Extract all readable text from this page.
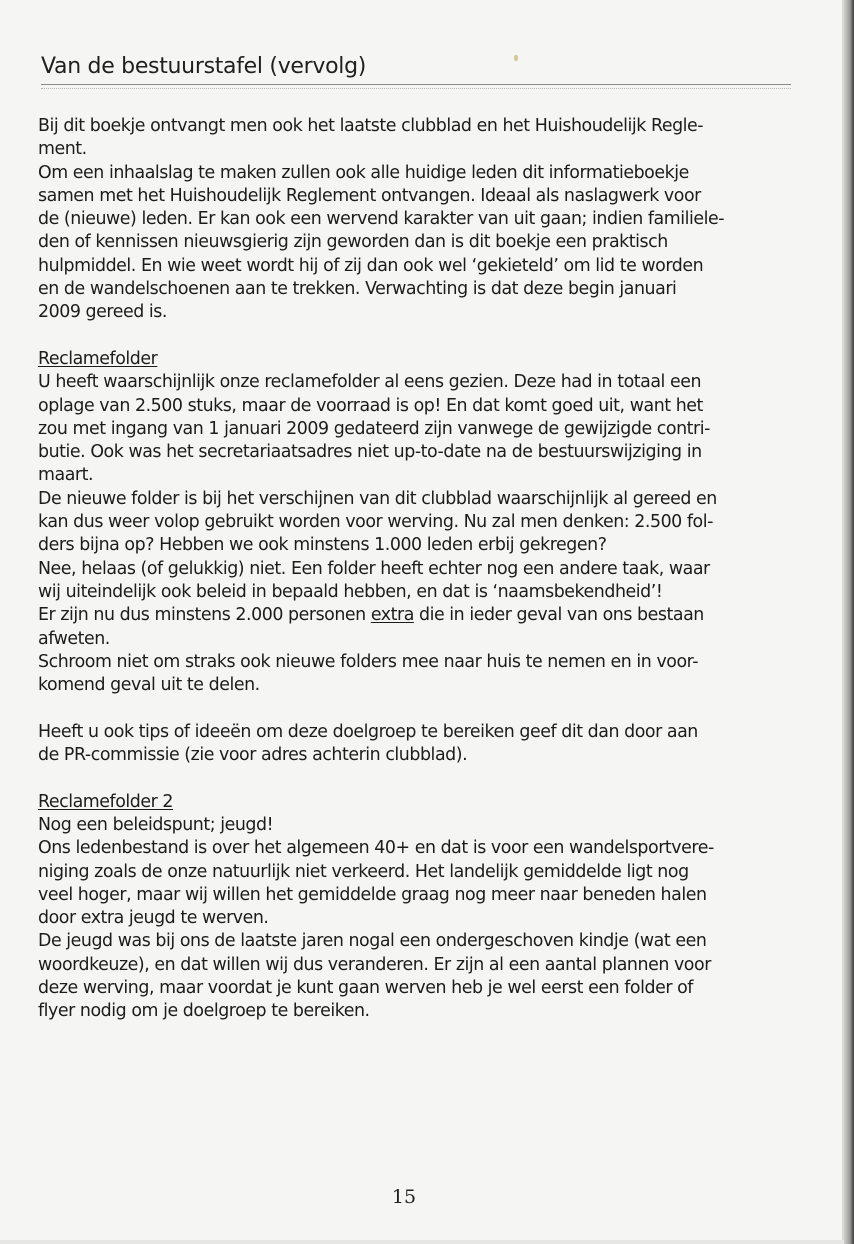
Van de bestuurstafel (vervolg)
Bij dit boekje ontvangt men ook het laatste clubblad en het Huishoudelijk Regle-
ment.
Om een inhaalslag te maken zullen ook alle huidige leden dit informatieboekje
samen met het Huishoudelijk Reglement ontvangen. Ideaal als naslagwerk voor
de (nieuwe) leden. Er kan ook een wervend karakter van uit gaan; indien familiele-
den of kennissen nieuwsgierig zijn geworden dan is dit boekje een praktisch
hulpmiddel. En wie weet wordt hij of zij dan ook wel ‘gekieteld’ om lid te worden
en de wandelschoenen aan te trekken. Verwachting is dat deze begin januari
2009 gereed is.
Reclamefolder
U heeft waarschijnlijk onze reclamefolder al eens gezien. Deze had in totaal een
oplage van 2.500 stuks, maar de voorraad is op! En dat komt goed uit, want het
zou met ingang van 1 januari 2009 gedateerd zijn vanwege de gewijzigde contri-
butie. Ook was het secretariaatsadres niet up-to-date na de bestuurswijziging in
maart.
De nieuwe folder is bij het verschijnen van dit clubblad waarschijnlijk al gereed en
kan dus weer volop gebruikt worden voor werving. Nu zal men denken: 2.500 fol-
ders bijna op? Hebben we ook minstens 1.000 leden erbij gekregen?
Nee, helaas (of gelukkig) niet. Een folder heeft echter nog een andere taak, waar
wij uiteindelijk ook beleid in bepaald hebben, en dat is ‘naamsbekendheid’!
Er zijn nu dus minstens 2.000 personen extra die in ieder geval van ons bestaan
afweten.
Schroom niet om straks ook nieuwe folders mee naar huis te nemen en in voor-
komend geval uit te delen.
Heeft u ook tips of ideeën om deze doelgroep te bereiken geef dit dan door aan
de PR-commissie (zie voor adres achterin clubblad).
Reclamefolder 2
Nog een beleidspunt; jeugd!
Ons ledenbestand is over het algemeen 40+ en dat is voor een wandelsportvere-
niging zoals de onze natuurlijk niet verkeerd. Het landelijk gemiddelde ligt nog
veel hoger, maar wij willen het gemiddelde graag nog meer naar beneden halen
door extra jeugd te werven.
De jeugd was bij ons de laatste jaren nogal een ondergeschoven kindje (wat een
woordkeuze), en dat willen wij dus veranderen. Er zijn al een aantal plannen voor
deze werving, maar voordat je kunt gaan werven heb je wel eerst een folder of
flyer nodig om je doelgroep te bereiken.
15
